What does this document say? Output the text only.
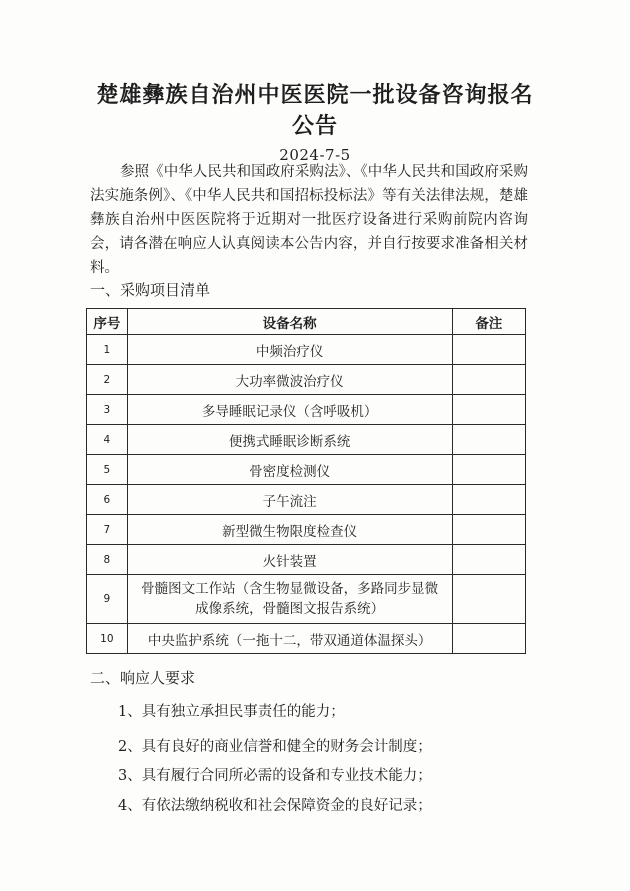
楚雄彝族自治州中医医院一批设备咨询报名公告
2024-7-5
参照《中华人民共和国政府采购法》、《中华人民共和国政府采购法实施条例》、《中华人民共和国招标投标法》等有关法律法规，楚雄彝族自治州中医医院将于近期对一批医疗设备进行采购前院内咨询会，请各潜在响应人认真阅读本公告内容，并自行按要求准备相关材料。
一、采购项目清单
序号	设备名称	备注
1	中频治疗仪	
2	大功率微波治疗仪	
3	多导睡眠记录仪（含呼吸机）	
4	便携式睡眠诊断系统	
5	骨密度检测仪	
6	子午流注	
7	新型微生物限度检查仪	
8	火针装置	
9	骨髓图文工作站（含生物显微设备，多路同步显微成像系统，骨髓图文报告系统）	
10	中央监护系统（一拖十二，带双通道体温探头）	
二、响应人要求
1、具有独立承担民事责任的能力；
2、具有良好的商业信誉和健全的财务会计制度；
3、具有履行合同所必需的设备和专业技术能力；
4、有依法缴纳税收和社会保障资金的良好记录；
